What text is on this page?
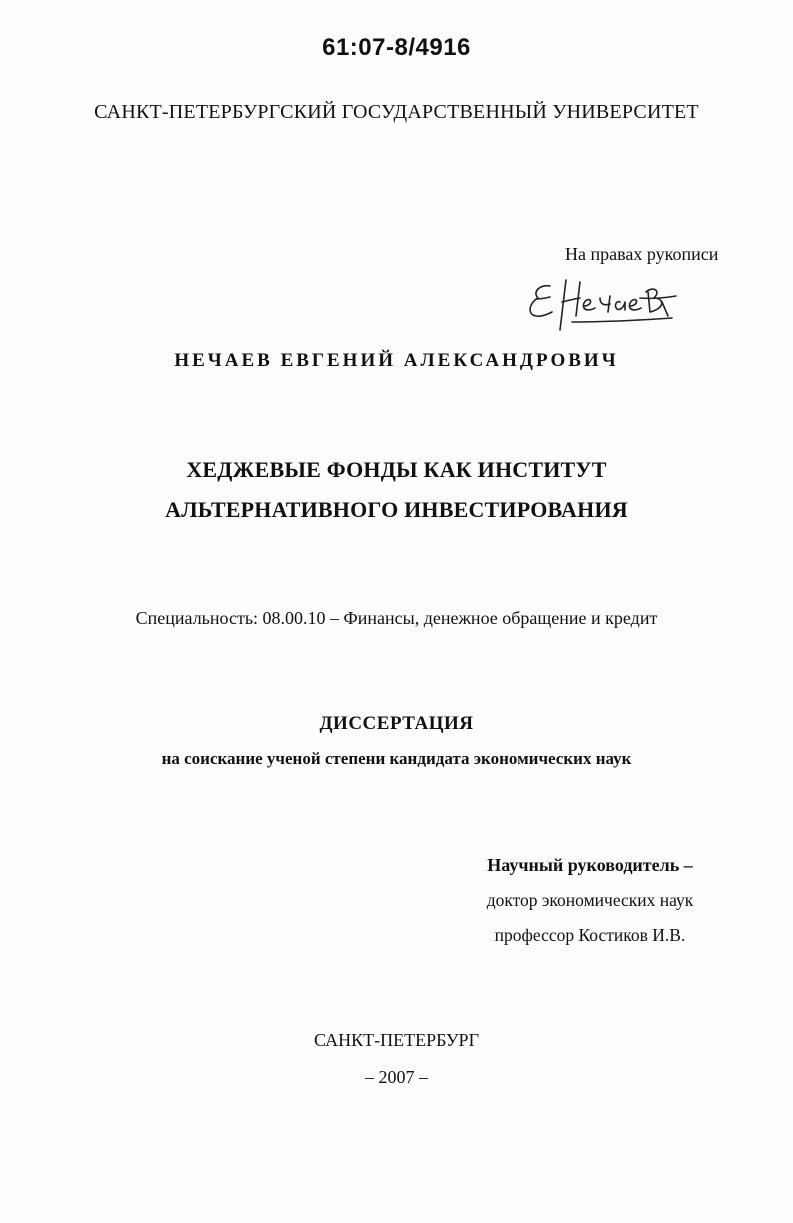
61:07-8/4916
САНКТ-ПЕТЕРБУРГСКИЙ ГОСУДАРСТВЕННЫЙ УНИВЕРСИТЕТ
На правах рукописи
НЕЧАЕВ ЕВГЕНИЙ АЛЕКСАНДРОВИЧ
ХЕДЖЕВЫЕ ФОНДЫ КАК ИНСТИТУТ
АЛЬТЕРНАТИВНОГО ИНВЕСТИРОВАНИЯ
Специальность: 08.00.10 – Финансы, денежное обращение и кредит
ДИССЕРТАЦИЯ
на соискание ученой степени кандидата экономических наук
Научный руководитель –
доктор экономических наук
профессор Костиков И.В.
САНКТ-ПЕТЕРБУРГ
– 2007 –
